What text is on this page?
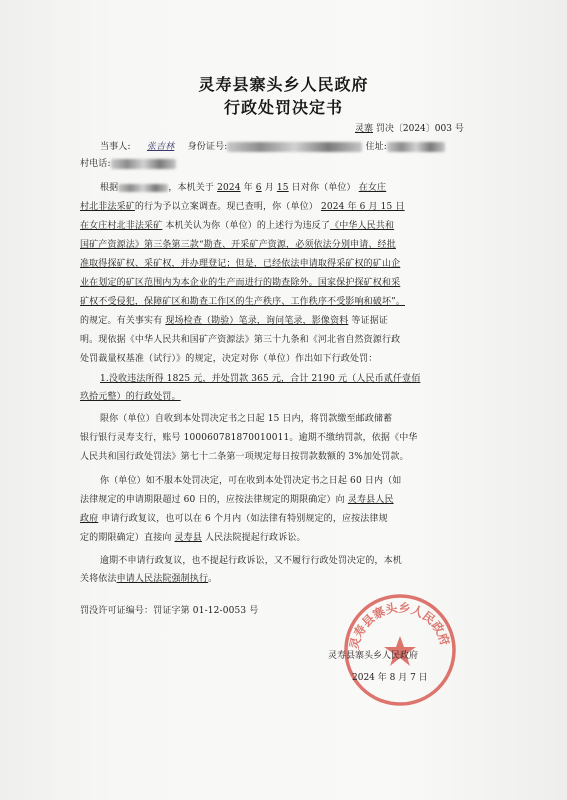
灵寿县寨头乡人民政府
行政处罚决定书
灵寨 罚决〔2024〕003 号
当事人: 张吉林 身份证号:	住址:
村电话:
根据	，本机关于 2024 年 6 月 15 日对你（单位） 在女庄
村北非法采矿的行为予以立案调查。现已查明，你（单位） 2024 年 6 月 15 日
在女庄村北非法采矿 本机关认为你（单位）的上述行为违反了《中华人民共和
国矿产资源法》第三条第三款“勘查、开采矿产资源，必须依法分别申请、经批
准取得探矿权、采矿权，并办理登记；但是，已经依法申请取得采矿权的矿山企
业在划定的矿区范围内为本企业的生产而进行的勘查除外。国家保护探矿权和采
矿权不受侵犯，保障矿区和勘查工作区的生产秩序、工作秩序不受影响和破坏”。
的规定。有关事实有 现场检查（勘验）笔录，询问笔录，影像资料 等证据证
明。现依据《中华人民共和国矿产资源法》第三十九条和《河北省自然资源行政
处罚裁量权基准（试行）》的规定，决定对你（单位）作出如下行政处罚：
1.没收违法所得 1825 元，并处罚款 365 元，合计 2190 元（人民币贰仟壹佰
玖拾元整）的行政处罚。
限你（单位）自收到本处罚决定书之日起 15 日内，将罚款缴至邮政储蓄
银行银行灵寿支行，账号 100060781870010011。逾期不缴纳罚款，依据《中华
人民共和国行政处罚法》第七十二条第一项规定每日按罚款数额的 3%加处罚款。
你（单位）如不服本处罚决定，可在收到本处罚决定书之日起 60 日内（如
法律规定的申请期限超过 60 日的，应按法律规定的期限确定）向 灵寿县人民
政府 申请行政复议，也可以在 6 个月内（如法律有特别规定的，应按法律规
定的期限确定）直接向 灵寿县 人民法院提起行政诉讼。
逾期不申请行政复议，也不提起行政诉讼，又不履行行政处罚决定的，本机
关将依法申请人民法院强制执行。
罚没许可证编号：罚证字第 01-12-0053 号
灵寿县寨头乡人民政府
灵寿县寨头乡人民政府
2024 年 8 月 7 日
